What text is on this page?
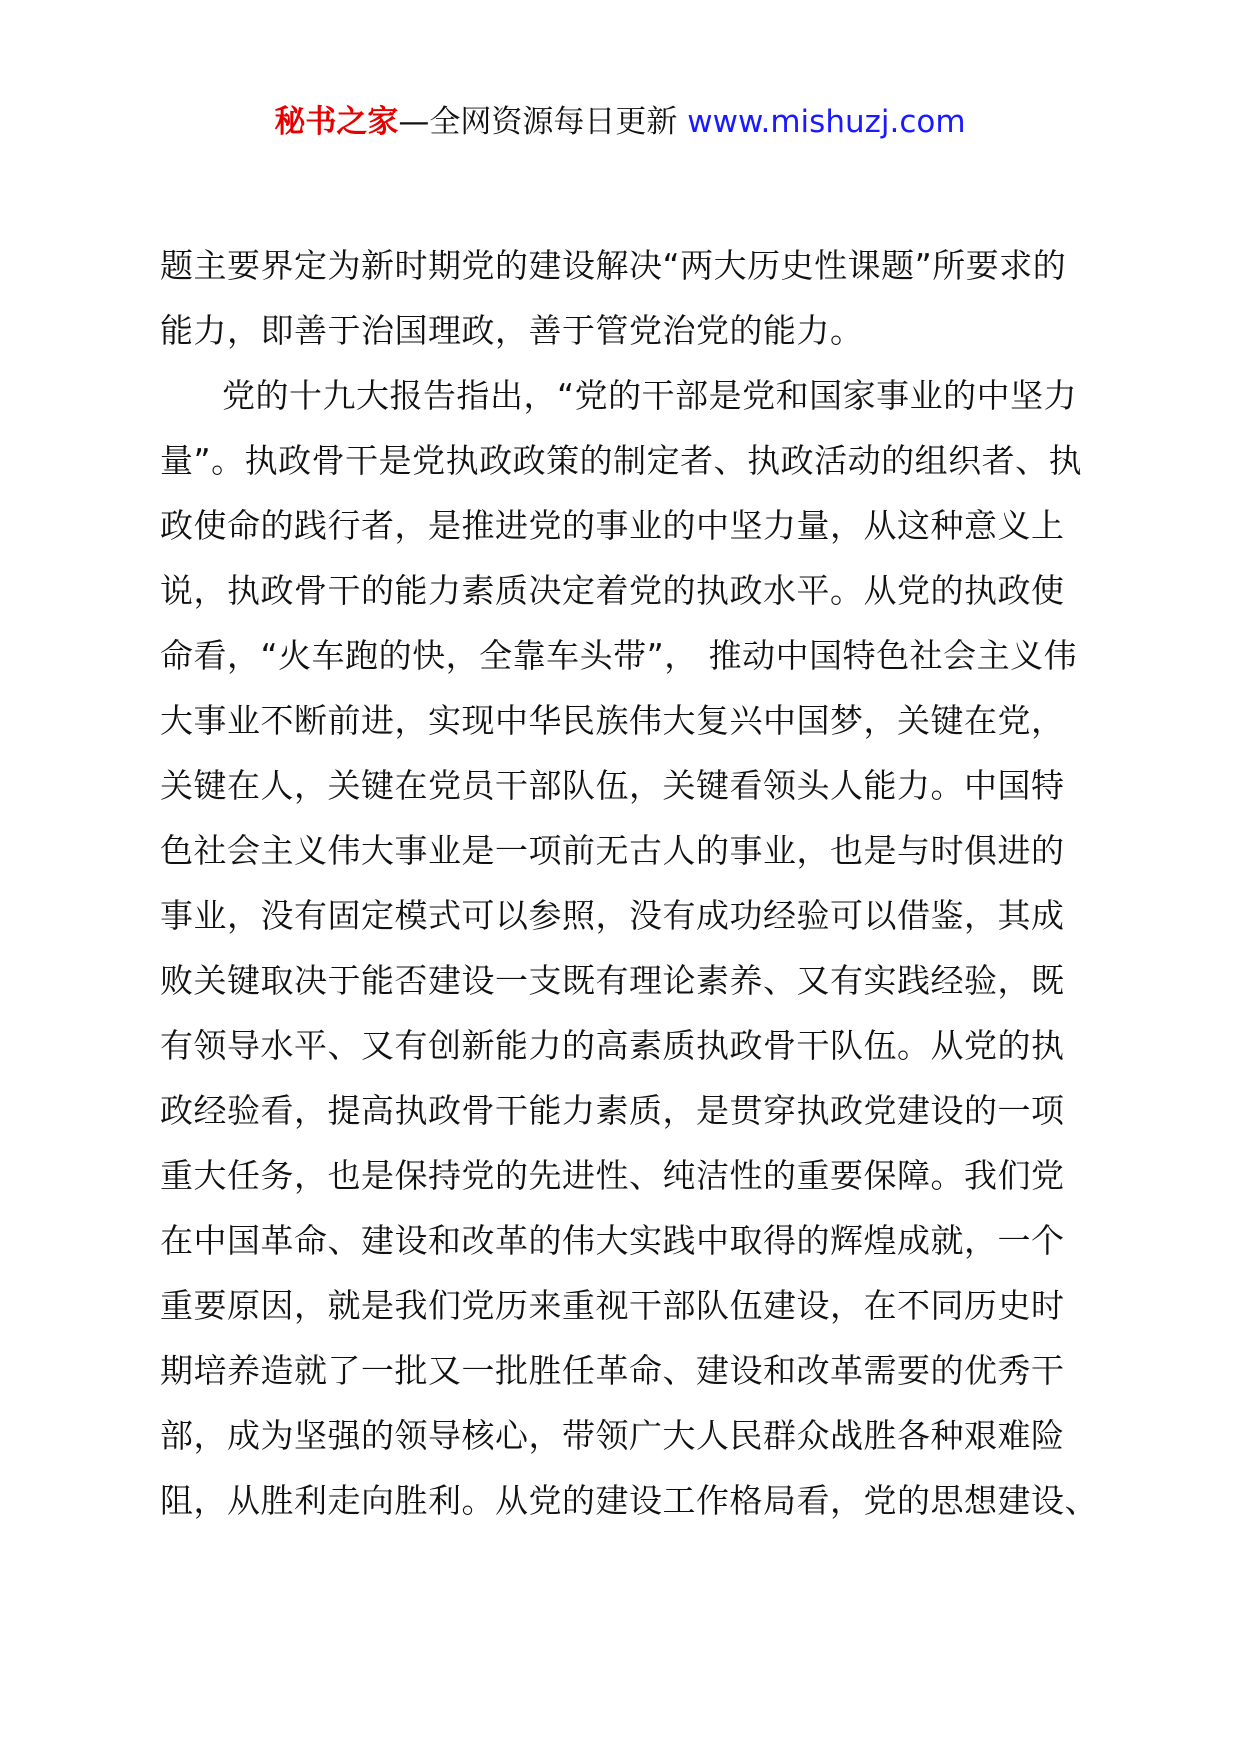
秘书之家—全网资源每日更新 www.mishuzj.com
题主要界定为新时期党的建设解决“两大历史性课题”所要求的
能力，即善于治国理政，善于管党治党的能力。
党的十九大报告指出，“党的干部是党和国家事业的中坚力
量”。执政骨干是党执政政策的制定者、执政活动的组织者、执
政使命的践行者，是推进党的事业的中坚力量，从这种意义上
说，执政骨干的能力素质决定着党的执政水平。从党的执政使
命看，“火车跑的快，全靠车头带”， 推动中国特色社会主义伟
大事业不断前进，实现中华民族伟大复兴中国梦，关键在党，
关键在人，关键在党员干部队伍，关键看领头人能力。中国特
色社会主义伟大事业是一项前无古人的事业，也是与时俱进的
事业，没有固定模式可以参照，没有成功经验可以借鉴，其成
败关键取决于能否建设一支既有理论素养、又有实践经验，既
有领导水平、又有创新能力的高素质执政骨干队伍。从党的执
政经验看，提高执政骨干能力素质，是贯穿执政党建设的一项
重大任务，也是保持党的先进性、纯洁性的重要保障。我们党
在中国革命、建设和改革的伟大实践中取得的辉煌成就，一个
重要原因，就是我们党历来重视干部队伍建设，在不同历史时
期培养造就了一批又一批胜任革命、建设和改革需要的优秀干
部，成为坚强的领导核心，带领广大人民群众战胜各种艰难险
阻，从胜利走向胜利。从党的建设工作格局看，党的思想建设、
